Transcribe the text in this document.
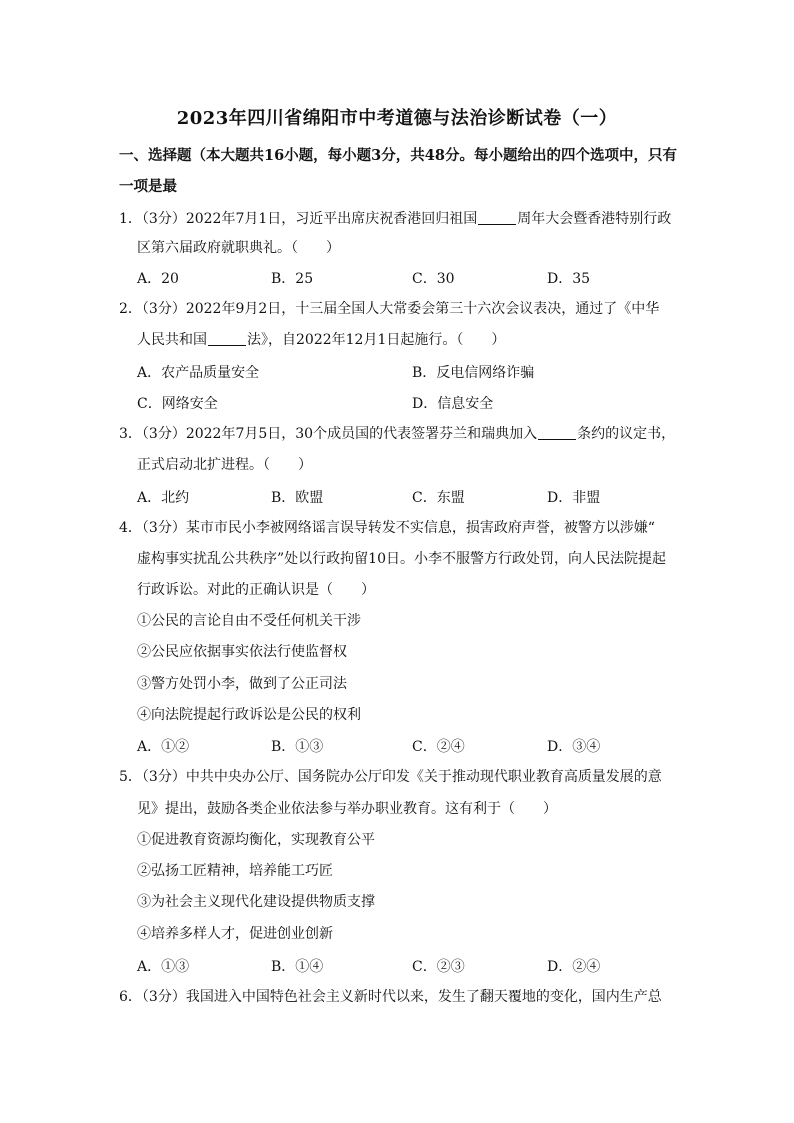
2023年四川省绵阳市中考道德与法治诊断试卷（一）
一、选择题（本大题共16小题，每小题3分，共48分。每小题给出的四个选项中，只有
一项是最
1．（3分）2022年7月1日，习近平出席庆祝香港回归祖国	周年大会暨香港特别行政
区第六届政府就职典礼。（　　）
A．20	B．25	C．30	D．35
2．（3分）2022年9月2日，十三届全国人大常委会第三十六次会议表决，通过了《中华
人民共和国	法》，自2022年12月1日起施行。（　　）
A．农产品质量安全	B．反电信网络诈骗
C．网络安全	D．信息安全
3．（3分）2022年7月5日，30个成员国的代表签署芬兰和瑞典加入	条约的议定书，
正式启动北扩进程。（　　）
A．北约	B．欧盟	C．东盟	D．非盟
4．（3分）某市市民小李被网络谣言误导转发不实信息，损害政府声誉，被警方以涉嫌“
虚构事实扰乱公共秩序”处以行政拘留10日。小李不服警方行政处罚，向人民法院提起
行政诉讼。对此的正确认识是（　　）
①公民的言论自由不受任何机关干涉
②公民应依据事实依法行使监督权
③警方处罚小李，做到了公正司法
④向法院提起行政诉讼是公民的权利
A．①②	B．①③	C．②④	D．③④
5．（3分）中共中央办公厅、国务院办公厅印发《关于推动现代职业教育高质量发展的意
见》提出，鼓励各类企业依法参与举办职业教育。这有利于（　　）
①促进教育资源均衡化，实现教育公平
②弘扬工匠精神，培养能工巧匠
③为社会主义现代化建设提供物质支撑
④培养多样人才，促进创业创新
A．①③	B．①④	C．②③	D．②④
6．（3分）我国进入中国特色社会主义新时代以来，发生了翻天覆地的变化，国内生产总
